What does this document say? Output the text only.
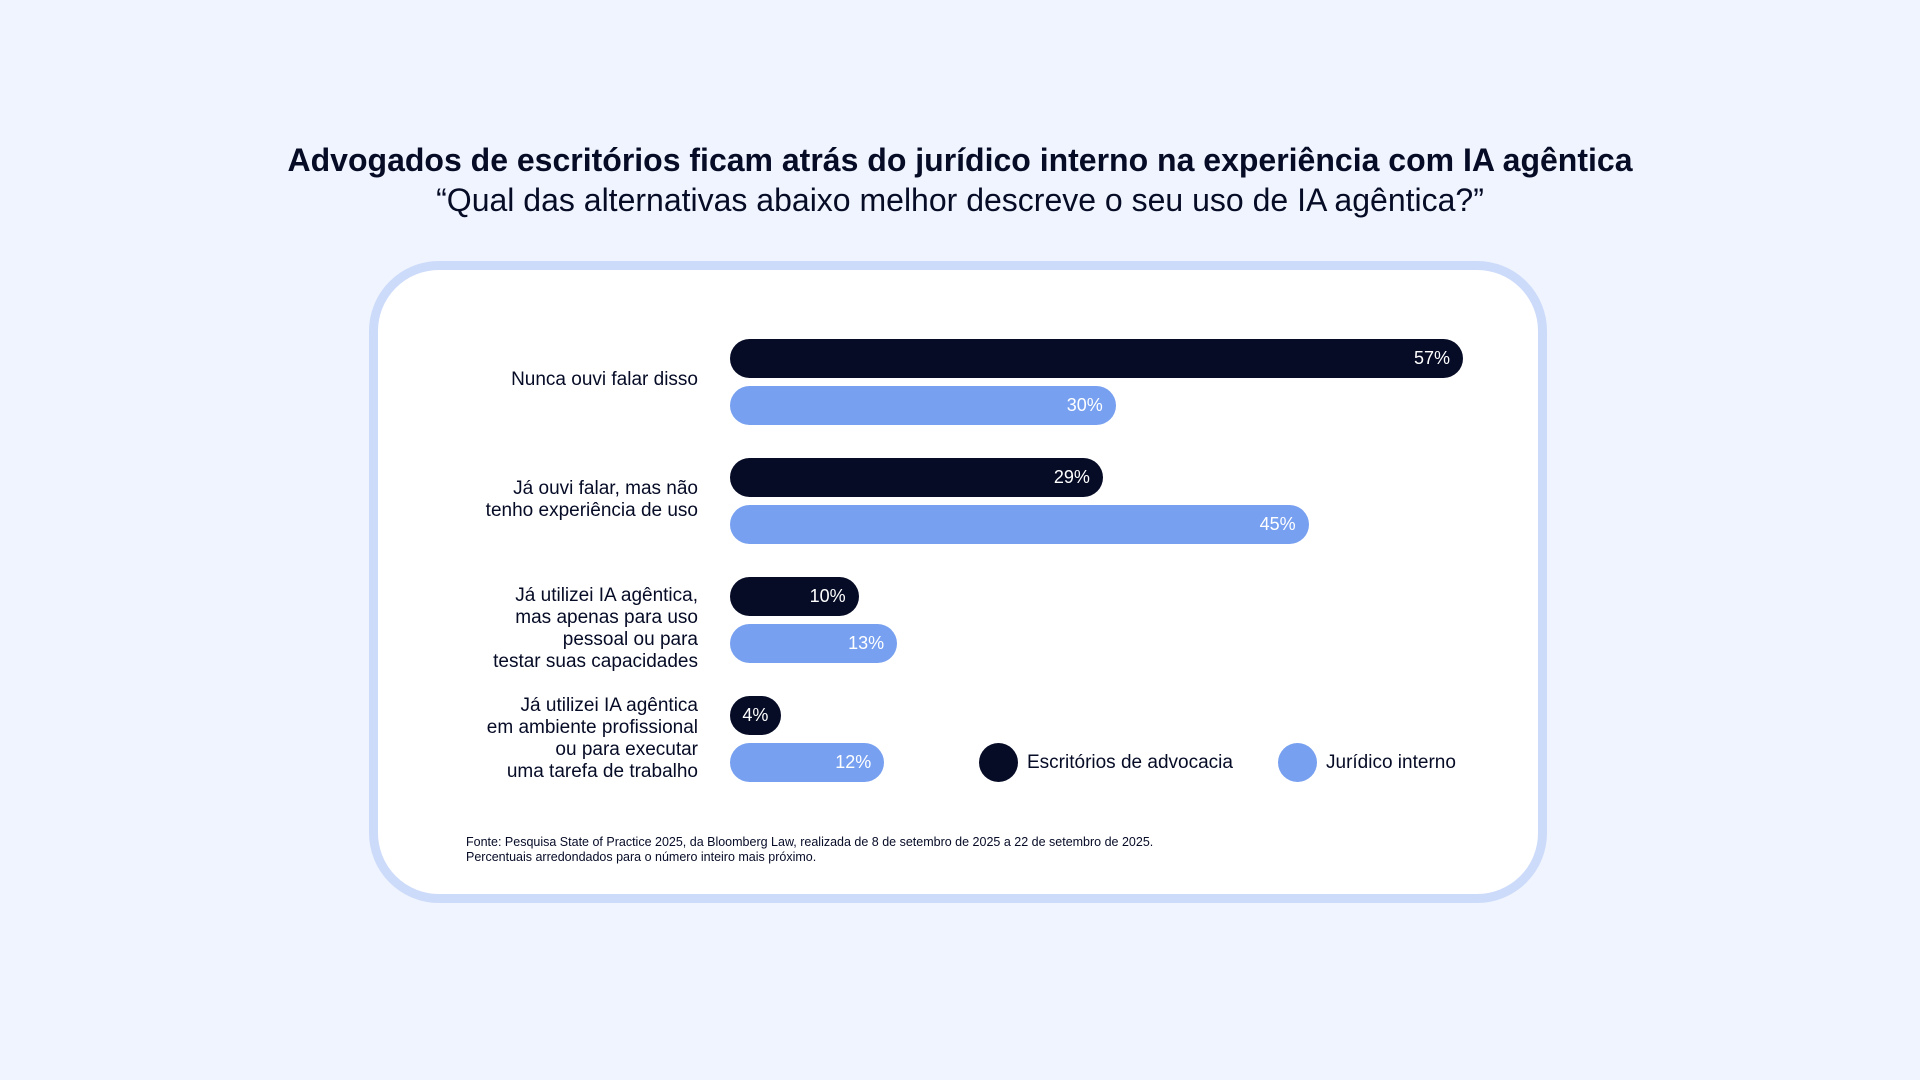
Advogados de escritórios ficam atrás do jurídico interno na experiência com IA agêntica

“Qual das alternativas abaixo melhor descreve o seu uso de IA agêntica?”

Nunca ouvi falar disso
57%
30%
Já ouvi falar, mas não
tenho experiência de uso
29%
45%
Já utilizei IA agêntica,
mas apenas para uso
pessoal ou para
testar suas capacidades
10%
13%
Já utilizei IA agêntica
em ambiente profissional
ou para executar
uma tarefa de trabalho
4%
12%	Escritórios de advocacia	Jurídico interno
Fonte: Pesquisa State of Practice 2025, da Bloomberg Law, realizada de 8 de setembro de 2025 a 22 de setembro de 2025.
Percentuais arredondados para o número inteiro mais próximo.
